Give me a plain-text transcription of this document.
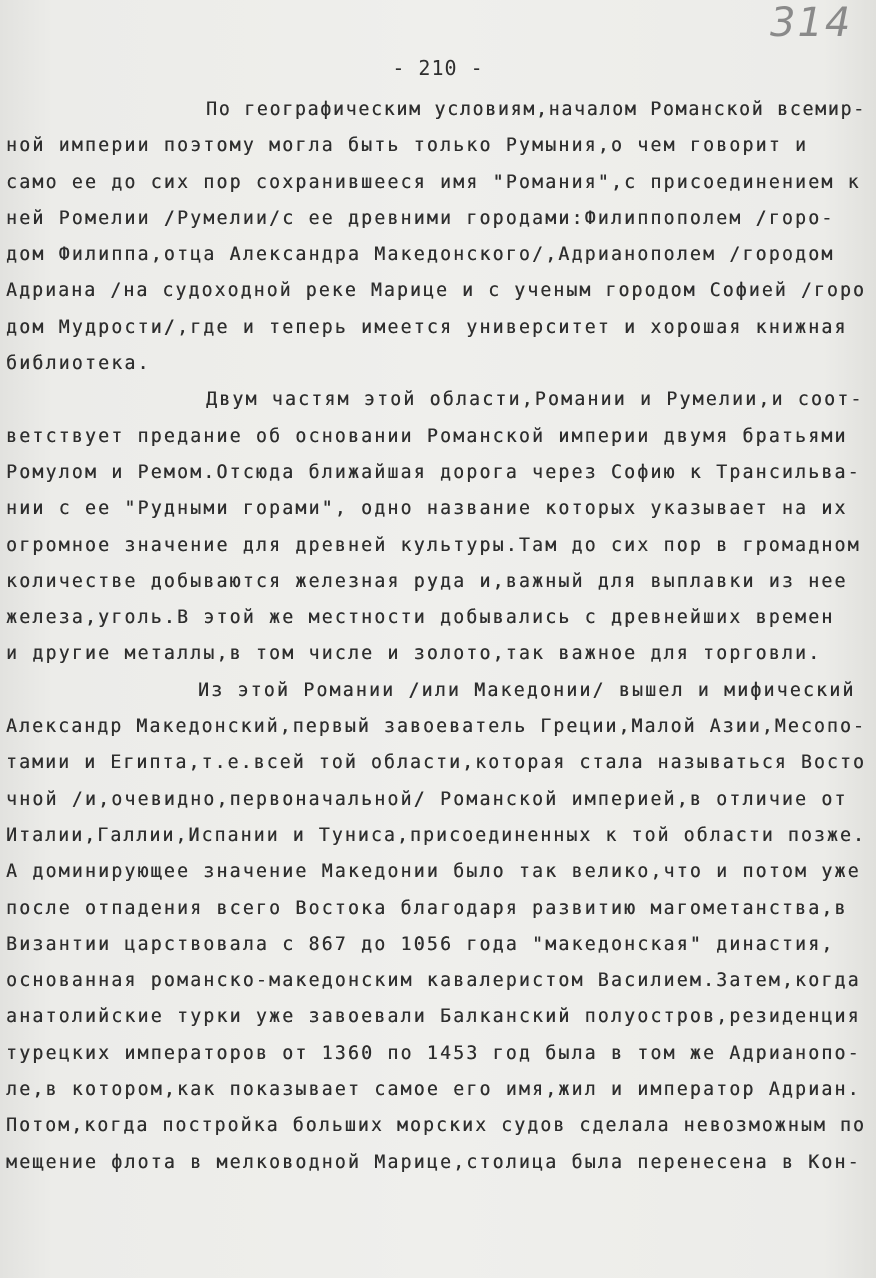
314
- 210 -
По географическим условиям,началом Романской всемир-
ной империи поэтому могла быть только Румыния,о чем говорит и
само ее до сих пор сохранившееся имя "Романия",с присоединением к
ней Ромелии /Румелии/с ее древними городами:Филиппополем /горо-
дом Филиппа,отца Александра Македонского/,Адрианополем /городом
Адриана /на судоходной реке Марице и с ученым городом Софией /горо
дом Мудрости/,где и теперь имеется университет и хорошая книжная
библиотека.
Двум частям этой области,Романии и Румелии,и соот-
ветствует предание об основании Романской империи двумя братьями
Ромулом и Ремом.Отсюда ближайшая дорога через Софию к Трансильва-
нии с ее "Рудными горами", одно название которых указывает на их
огромное значение для древней культуры.Там до сих пор в громадном
количестве добываются железная руда и,важный для выплавки из нее
железа,уголь.В этой же местности добывались с древнейших времен
и другие металлы,в том числе и золото,так важное для торговли.
Из этой Романии /или Македонии/ вышел и мифический
Александр Македонский,первый завоеватель Греции,Малой Азии,Месопо-
тамии и Египта,т.е.всей той области,которая стала называться Восто
чной /и,очевидно,первоначальной/ Романской империей,в отличие от
Италии,Галлии,Испании и Туниса,присоединенных к той области позже.
А доминирующее значение Македонии было так велико,что и потом уже
после отпадения всего Востока благодаря развитию магометанства,в
Византии царствовала с 867 до 1056 года "македонская" династия,
основанная романско-македонским кавалеристом Василием.Затем,когда
анатолийские турки уже завоевали Балканский полуостров,резиденция
турецких императоров от 1360 по 1453 год была в том же Адрианопо-
ле,в котором,как показывает самое его имя,жил и император Адриан.
Потом,когда постройка больших морских судов сделала невозможным по
мещение флота в мелководной Марице,столица была перенесена в Кон-
